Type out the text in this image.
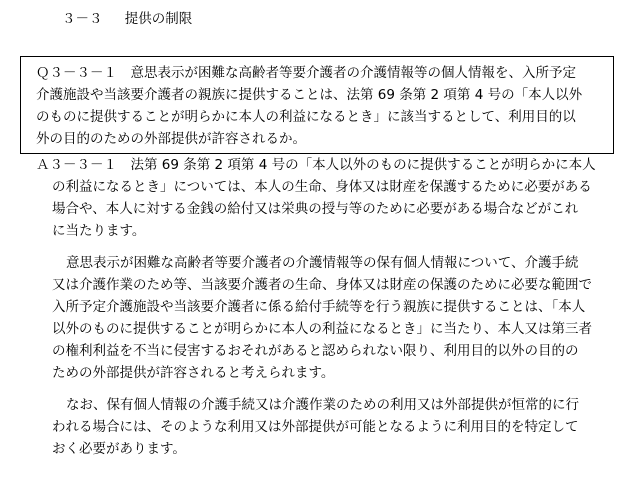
３－３ 提供の制限
Ｑ３－３－１　意思表示が困難な高齢者等要介護者の介護情報等の個人情報を、入所予定
介護施設や当該要介護者の親族に提供することは、法第 69 条第 2 項第 4 号の「本人以外
のものに提供することが明らかに本人の利益になるとき」に該当するとして、利用目的以
外の目的のための外部提供が許容されるか。
Ａ３－３－１　法第 69 条第 2 項第 4 号の「本人以外のものに提供することが明らかに本人
の利益になるとき」については、本人の生命、身体又は財産を保護するために必要がある
場合や、本人に対する金銭の給付又は栄典の授与等のために必要がある場合などがこれ
に当たります。
意思表示が困難な高齢者等要介護者の介護情報等の保有個人情報について、介護手続
又は介護作業のため等、当該要介護者の生命、身体又は財産の保護のために必要な範囲で
入所予定介護施設や当該要介護者に係る給付手続等を行う親族に提供することは、「本人
以外のものに提供することが明らかに本人の利益になるとき」に当たり、本人又は第三者
の権利利益を不当に侵害するおそれがあると認められない限り、利用目的以外の目的の
ための外部提供が許容されると考えられます。
なお、保有個人情報の介護手続又は介護作業のための利用又は外部提供が恒常的に行
われる場合には、そのような利用又は外部提供が可能となるように利用目的を特定して
おく必要があります。
